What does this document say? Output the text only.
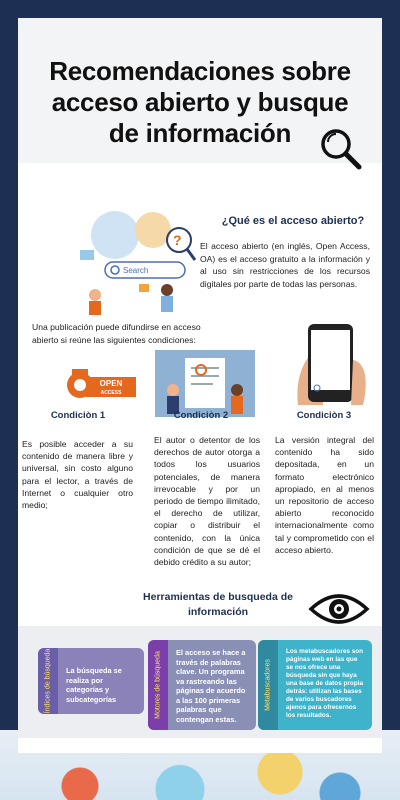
Recomendaciones sobre acceso abierto y busque de información
Search
?
¿Qué es el acceso abierto?
El acceso abierto (en inglés, Open Access, OA) es el acceso gratuito a la información y al uso sin restricciones de los recursos digitales por parte de todas las personas.
Una publicación puede difundirse en acceso abierto si reúne las siguientes condiciones:
OPEN
ACCESS
Condiciòn 1	Condiciòn 2	Condiciòn 3
Es posible acceder a su contenido de manera libre y universal, sin costo alguno para el lector, a través de Internet o cualquier otro medio;
El autor o detentor de los derechos de autor otorga a todos los usuarios potenciales, de manera irrevocable y por un periodo de tiempo ilimitado, el derecho de utilizar, copiar o distribuir el contenido, con la única condición de que se dé el debido crédito a su autor;
La versión integral del contenido ha sido depositada, en un formato electrónico apropiado, en al menos un repositorio de acceso abierto reconocido internacionalmente como tal y comprometido con el acceso abierto.
Herramientas de busqueda de información
Índices de búsqueda La búsqueda se realiza por categorías y subcategorías	Motores de búsqueda El acceso se hace a través de palabras clave. Un programa va rastreando las páginas de acuerdo a las 100 primeras palabras que contengan estas.
Metabuscadores
Los metabuscadores son páginas web en las que se nos ofrece una búsqueda sin que haya una base de datos propia detrás: utilizan las bases de varios buscadores ajenos para ofrecernos los resultados.
